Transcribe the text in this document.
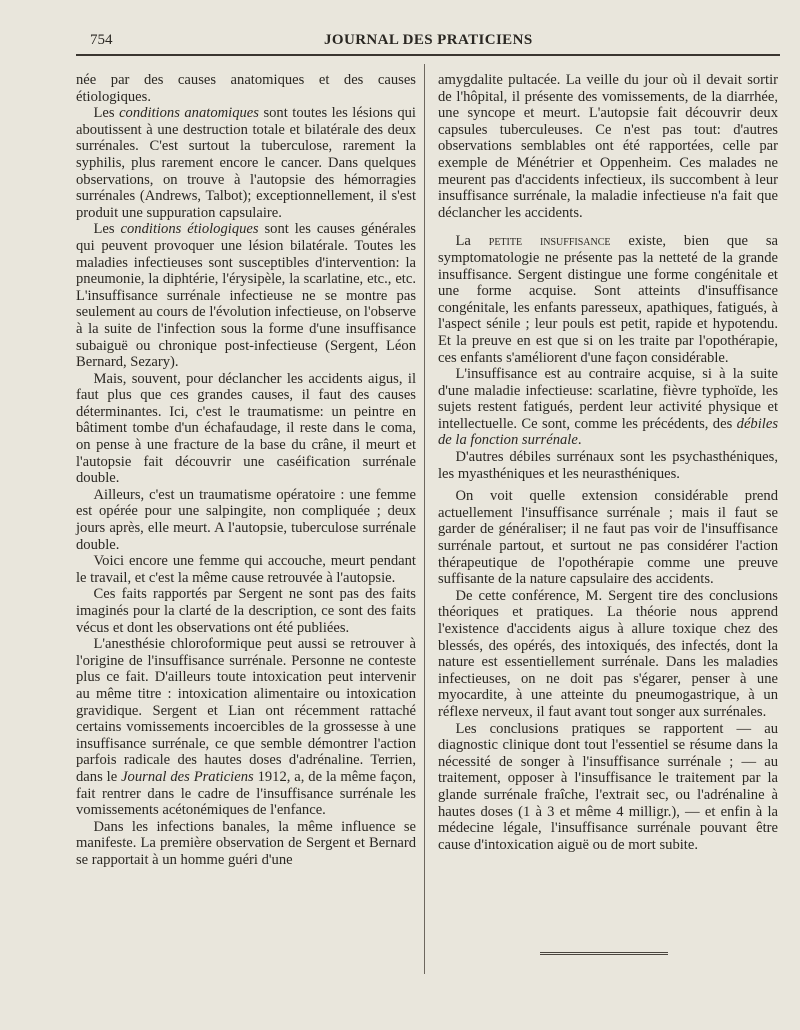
754	JOURNAL DES PRATICIENS

née par des causes anatomiques et des causes étiologiques.

Les conditions anatomiques sont toutes les lésions qui aboutissent à une destruction totale et bilatérale des deux surrénales. C'est surtout la tuberculose, rarement la syphilis, plus rarement encore le cancer. Dans quelques observations, on trouve à l'autopsie des hémorragies surrénales (Andrews, Talbot); exceptionnellement, il s'est produit une suppuration capsulaire.

Les conditions étiologiques sont les causes générales qui peuvent provoquer une lésion bilatérale. Toutes les maladies infectieuses sont susceptibles d'intervention: la pneumonie, la diphtérie, l'érysipèle, la scarlatine, etc., etc. L'insuffisance surrénale infectieuse ne se montre pas seulement au cours de l'évolution infectieuse, on l'observe à la suite de l'infection sous la forme d'une insuffisance subaiguë ou chronique post-infectieuse (Sergent, Léon Bernard, Sezary).

Mais, souvent, pour déclancher les accidents aigus, il faut plus que ces grandes causes, il faut des causes déterminantes. Ici, c'est le traumatisme: un peintre en bâtiment tombe d'un échafaudage, il reste dans le coma, on pense à une fracture de la base du crâne, il meurt et l'autopsie fait découvrir une caséification surrénale double.

Ailleurs, c'est un traumatisme opératoire : une femme est opérée pour une salpingite, non compliquée ; deux jours après, elle meurt. A l'autopsie, tuberculose surrénale double.

Voici encore une femme qui accouche, meurt pendant le travail, et c'est la même cause retrouvée à l'autopsie.

Ces faits rapportés par Sergent ne sont pas des faits imaginés pour la clarté de la description, ce sont des faits vécus et dont les observations ont été publiées.

L'anesthésie chloroformique peut aussi se retrouver à l'origine de l'insuffisance surrénale. Personne ne conteste plus ce fait. D'ailleurs toute intoxication peut intervenir au même titre : intoxication alimentaire ou intoxication gravidique. Sergent et Lian ont récemment rattaché certains vomissements incoercibles de la grossesse à une insuffisance surrénale, ce que semble démontrer l'action parfois radicale des hautes doses d'adrénaline. Terrien, dans le Journal des Praticiens 1912, a, de la même façon, fait rentrer dans le cadre de l'insuffisance surrénale les vomissements acétonémiques de l'enfance.

Dans les infections banales, la même influence se manifeste. La première observation de Sergent et Bernard se rapportait à un homme guéri d'une

amygdalite pultacée. La veille du jour où il devait sortir de l'hôpital, il présente des vomissements, de la diarrhée, une syncope et meurt. L'autopsie fait découvrir deux capsules tuberculeuses. Ce n'est pas tout: d'autres observations semblables ont été rapportées, celle par exemple de Ménétrier et Oppenheim. Ces malades ne meurent pas d'accidents infectieux, ils succombent à leur insuffisance surrénale, la maladie infectieuse n'a fait que déclancher les accidents.

La petite insuffisance existe, bien que sa symptomatologie ne présente pas la netteté de la grande insuffisance. Sergent distingue une forme congénitale et une forme acquise. Sont atteints d'insuffisance congénitale, les enfants paresseux, apathiques, fatigués, à l'aspect sénile ; leur pouls est petit, rapide et hypotendu. Et la preuve en est que si on les traite par l'opothérapie, ces enfants s'améliorent d'une façon considérable.

L'insuffisance est au contraire acquise, si à la suite d'une maladie infectieuse: scarlatine, fièvre typhoïde, les sujets restent fatigués, perdent leur activité physique et intellectuelle. Ce sont, comme les précédents, des débiles de la fonction surrénale.

D'autres débiles surrénaux sont les psychasthéniques, les myasthéniques et les neurasthéniques.

On voit quelle extension considérable prend actuellement l'insuffisance surrénale ; mais il faut se garder de généraliser; il ne faut pas voir de l'insuffisance surrénale partout, et surtout ne pas considérer l'action thérapeutique de l'opothérapie comme une preuve suffisante de la nature capsulaire des accidents.

De cette conférence, M. Sergent tire des conclusions théoriques et pratiques. La théorie nous apprend l'existence d'accidents aigus à allure toxique chez des blessés, des opérés, des intoxiqués, des infectés, dont la nature est essentiellement surrénale. Dans les maladies infectieuses, on ne doit pas s'égarer, penser à une myocardite, à une atteinte du pneumogastrique, à un réflexe nerveux, il faut avant tout songer aux surrénales.

Les conclusions pratiques se rapportent — au diagnostic clinique dont tout l'essentiel se résume dans la nécessité de songer à l'insuffisance surrénale ; — au traitement, opposer à l'insuffisance le traitement par la glande surrénale fraîche, l'extrait sec, ou l'adrénaline à hautes doses (1 à 3 et même 4 milligr.), — et enfin à la médecine légale, l'insuffisance surrénale pouvant être cause d'intoxication aiguë ou de mort subite.
